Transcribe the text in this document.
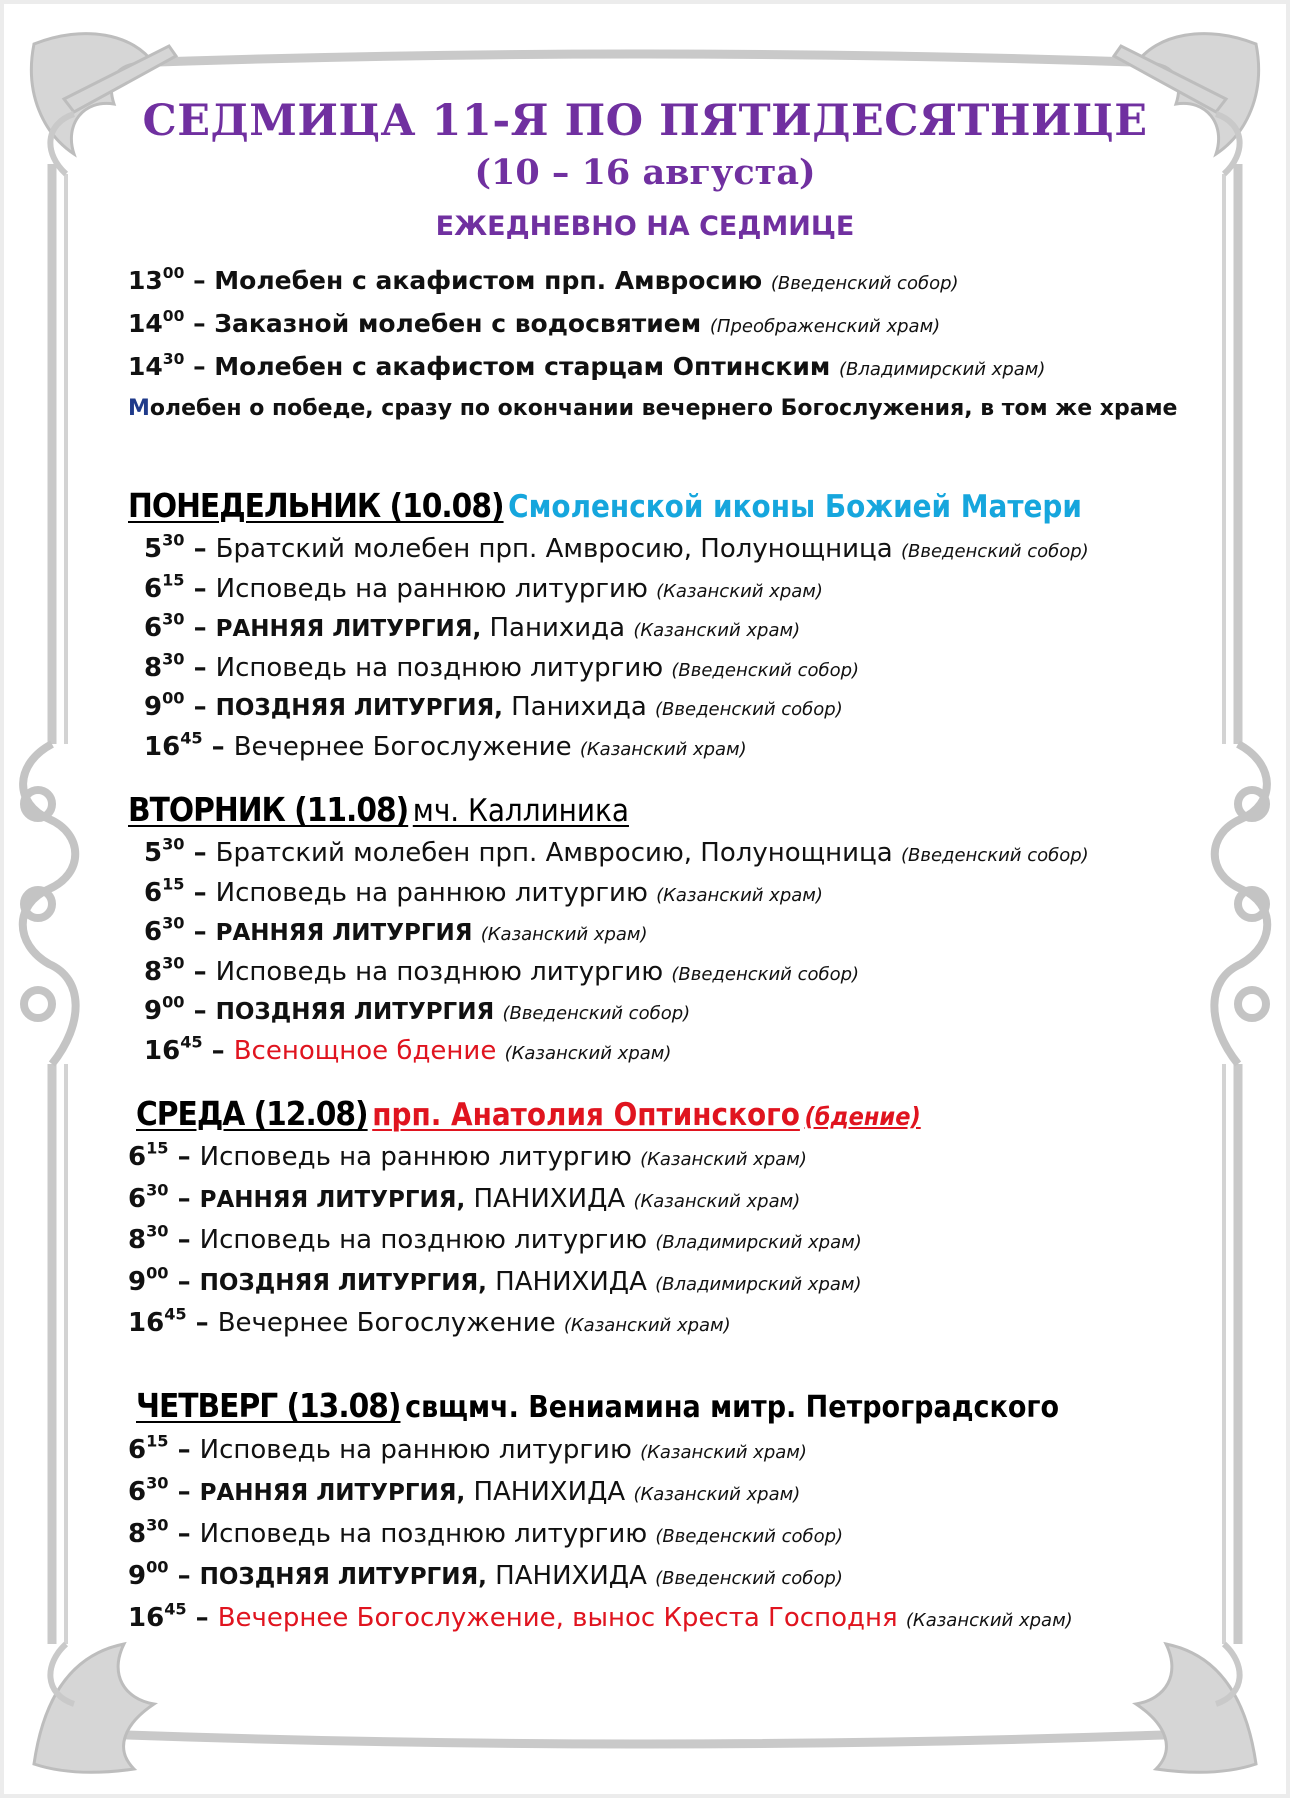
СЕДМИЦА 11-Я ПО ПЯТИДЕСЯТНИЦЕ
(10 – 16 августа)
ЕЖЕДНЕВНО НА СЕДМИЦЕ
$13^{00}$ – Молебен с акафистом прп. Амвросию (Введенский собор)
$14^{00}$ – Заказной молебен с водосвятием (Преображенский храм)
$14^{30}$ – Молебен с акафистом старцам Оптинским (Владимирский храм)
Молебен о победе, сразу по окончании вечернего Богослужения, в том же храме
ПОНЕДЕЛЬНИК (10.08) Смоленской иконы Божией Матери
$5^{30}$ – Братский молебен прп. Амвросию, Полунощница (Введенский собор)
$6^{15}$ – Исповедь на раннюю литургию (Казанский храм)
$6^{30}$ – РАННЯЯ ЛИТУРГИЯ, Панихида (Казанский храм)
$8^{30}$ – Исповедь на позднюю литургию (Введенский собор)
$9^{00}$ – ПОЗДНЯЯ ЛИТУРГИЯ, Панихида (Введенский собор)
$16^{45}$ – Вечернее Богослужение (Казанский храм)
ВТОРНИК (11.08) мч. Каллиника
$5^{30}$ – Братский молебен прп. Амвросию, Полунощница (Введенский собор)
$6^{15}$ – Исповедь на раннюю литургию (Казанский храм)
$6^{30}$ – РАННЯЯ ЛИТУРГИЯ (Казанский храм)
$8^{30}$ – Исповедь на позднюю литургию (Введенский собор)
$9^{00}$ – ПОЗДНЯЯ ЛИТУРГИЯ (Введенский собор)
$16^{45}$ – Всенощное бдение (Казанский храм)
СРЕДА (12.08) прп. Анатолия Оптинского (бдение)
$6^{15}$ – Исповедь на раннюю литургию (Казанский храм)
$6^{30}$ – РАННЯЯ ЛИТУРГИЯ, ПАНИХИДА (Казанский храм)
$8^{30}$ – Исповедь на позднюю литургию (Владимирский храм)
$9^{00}$ – ПОЗДНЯЯ ЛИТУРГИЯ, ПАНИХИДА (Владимирский храм)
$16^{45}$ – Вечернее Богослужение (Казанский храм)
ЧЕТВЕРГ (13.08) свщмч. Вениамина митр. Петроградского
$6^{15}$ – Исповедь на раннюю литургию (Казанский храм)
$6^{30}$ – РАННЯЯ ЛИТУРГИЯ, ПАНИХИДА (Казанский храм)
$8^{30}$ – Исповедь на позднюю литургию (Введенский собор)
$9^{00}$ – ПОЗДНЯЯ ЛИТУРГИЯ, ПАНИХИДА (Введенский собор)
$16^{45}$ – Вечернее Богослужение, вынос Креста Господня (Казанский храм)
